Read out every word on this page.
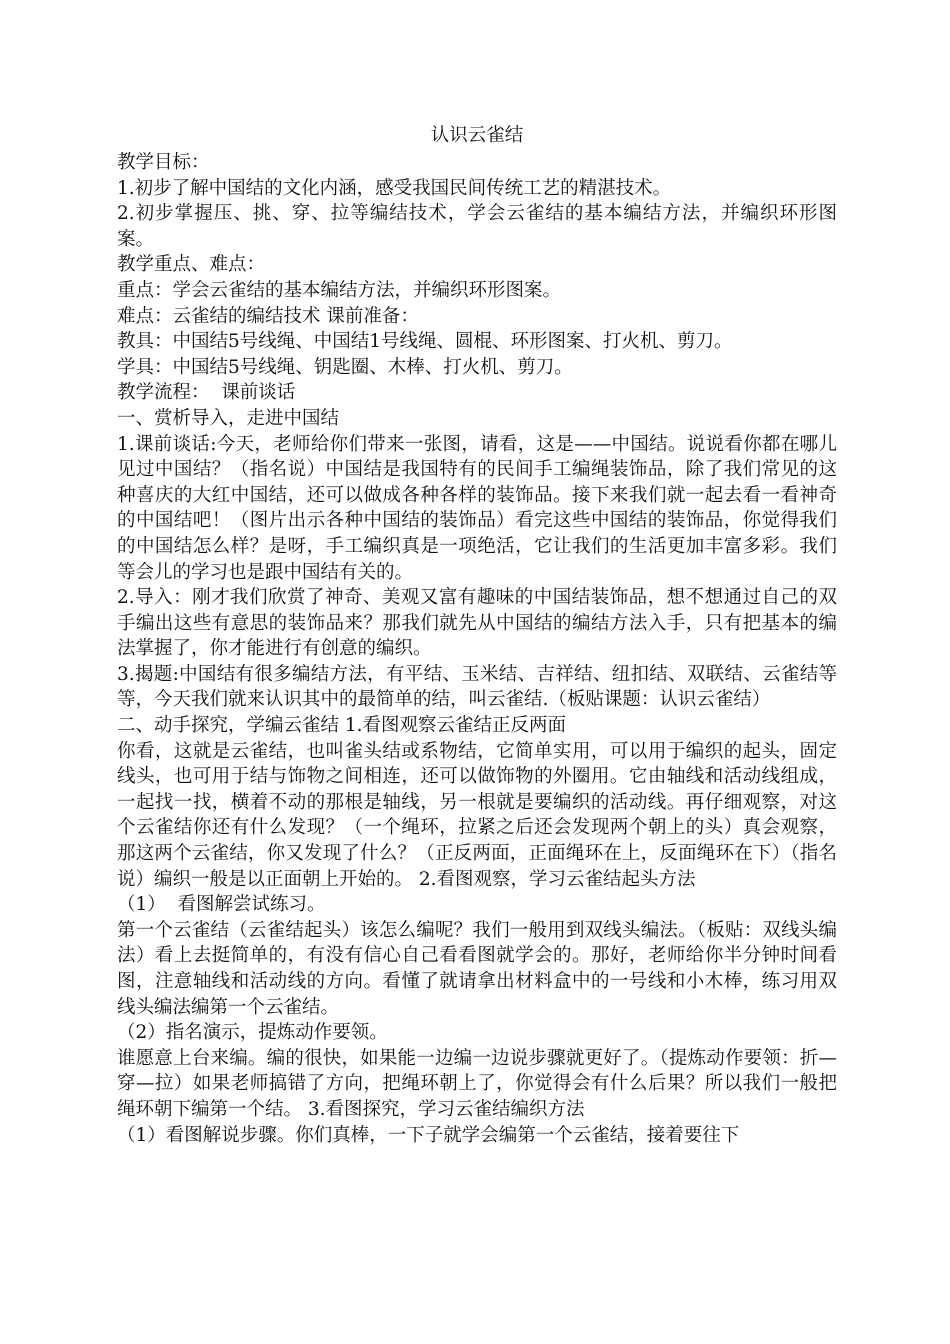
认识云雀结
教学目标：
1.初步了解中国结的文化内涵，感受我国民间传统工艺的精湛技术。
2.初步掌握压、挑、穿、拉等编结技术，学会云雀结的基本编结方法，并编织环形图案。
教学重点、难点：
重点：学会云雀结的基本编结方法，并编织环形图案。
难点：云雀结的编结技术 课前准备：
教具：中国结5号线绳、中国结1号线绳、圆棍、环形图案、打火机、剪刀。
学具：中国结5号线绳、钥匙圈、木棒、打火机、剪刀。
教学流程：  课前谈话
一、赏析导入，走进中国结
1.课前谈话:今天，老师给你们带来一张图，请看，这是——中国结。说说看你都在哪儿见过中国结？（指名说）中国结是我国特有的民间手工编绳装饰品，除了我们常见的这种喜庆的大红中国结，还可以做成各种各样的装饰品。接下来我们就一起去看一看神奇的中国结吧！（图片出示各种中国结的装饰品）看完这些中国结的装饰品，你觉得我们的中国结怎么样？是呀，手工编织真是一项绝活，它让我们的生活更加丰富多彩。我们等会儿的学习也是跟中国结有关的。
2.导入：刚才我们欣赏了神奇、美观又富有趣味的中国结装饰品，想不想通过自己的双手编出这些有意思的装饰品来？那我们就先从中国结的编结方法入手，只有把基本的编法掌握了，你才能进行有创意的编织。
3.揭题:中国结有很多编结方法，有平结、玉米结、吉祥结、纽扣结、双联结、云雀结等等，今天我们就来认识其中的最简单的结，叫云雀结.（板贴课题：认识云雀结）
二、动手探究，学编云雀结 1.看图观察云雀结正反两面
你看，这就是云雀结，也叫雀头结或系物结，它简单实用，可以用于编织的起头，固定线头，也可用于结与饰物之间相连，还可以做饰物的外圈用。它由轴线和活动线组成，一起找一找，横着不动的那根是轴线，另一根就是要编织的活动线。再仔细观察，对这个云雀结你还有什么发现？（一个绳环，拉紧之后还会发现两个朝上的头）真会观察，那这两个云雀结，你又发现了什么？（正反两面，正面绳环在上，反面绳环在下）（指名说）编织一般是以正面朝上开始的。 2.看图观察，学习云雀结起头方法
（1）  看图解尝试练习。
第一个云雀结（云雀结起头）该怎么编呢？我们一般用到双线头编法。（板贴：双线头编法）看上去挺简单的，有没有信心自己看看图就学会的。那好，老师给你半分钟时间看图，注意轴线和活动线的方向。看懂了就请拿出材料盒中的一号线和小木棒，练习用双线头编法编第一个云雀结。
（2）指名演示，提炼动作要领。
谁愿意上台来编。编的很快，如果能一边编一边说步骤就更好了。（提炼动作要领：折—穿—拉）如果老师搞错了方向，把绳环朝上了，你觉得会有什么后果？所以我们一般把绳环朝下编第一个结。 3.看图探究，学习云雀结编织方法
（1）看图解说步骤。你们真棒，一下子就学会编第一个云雀结，接着要往下
